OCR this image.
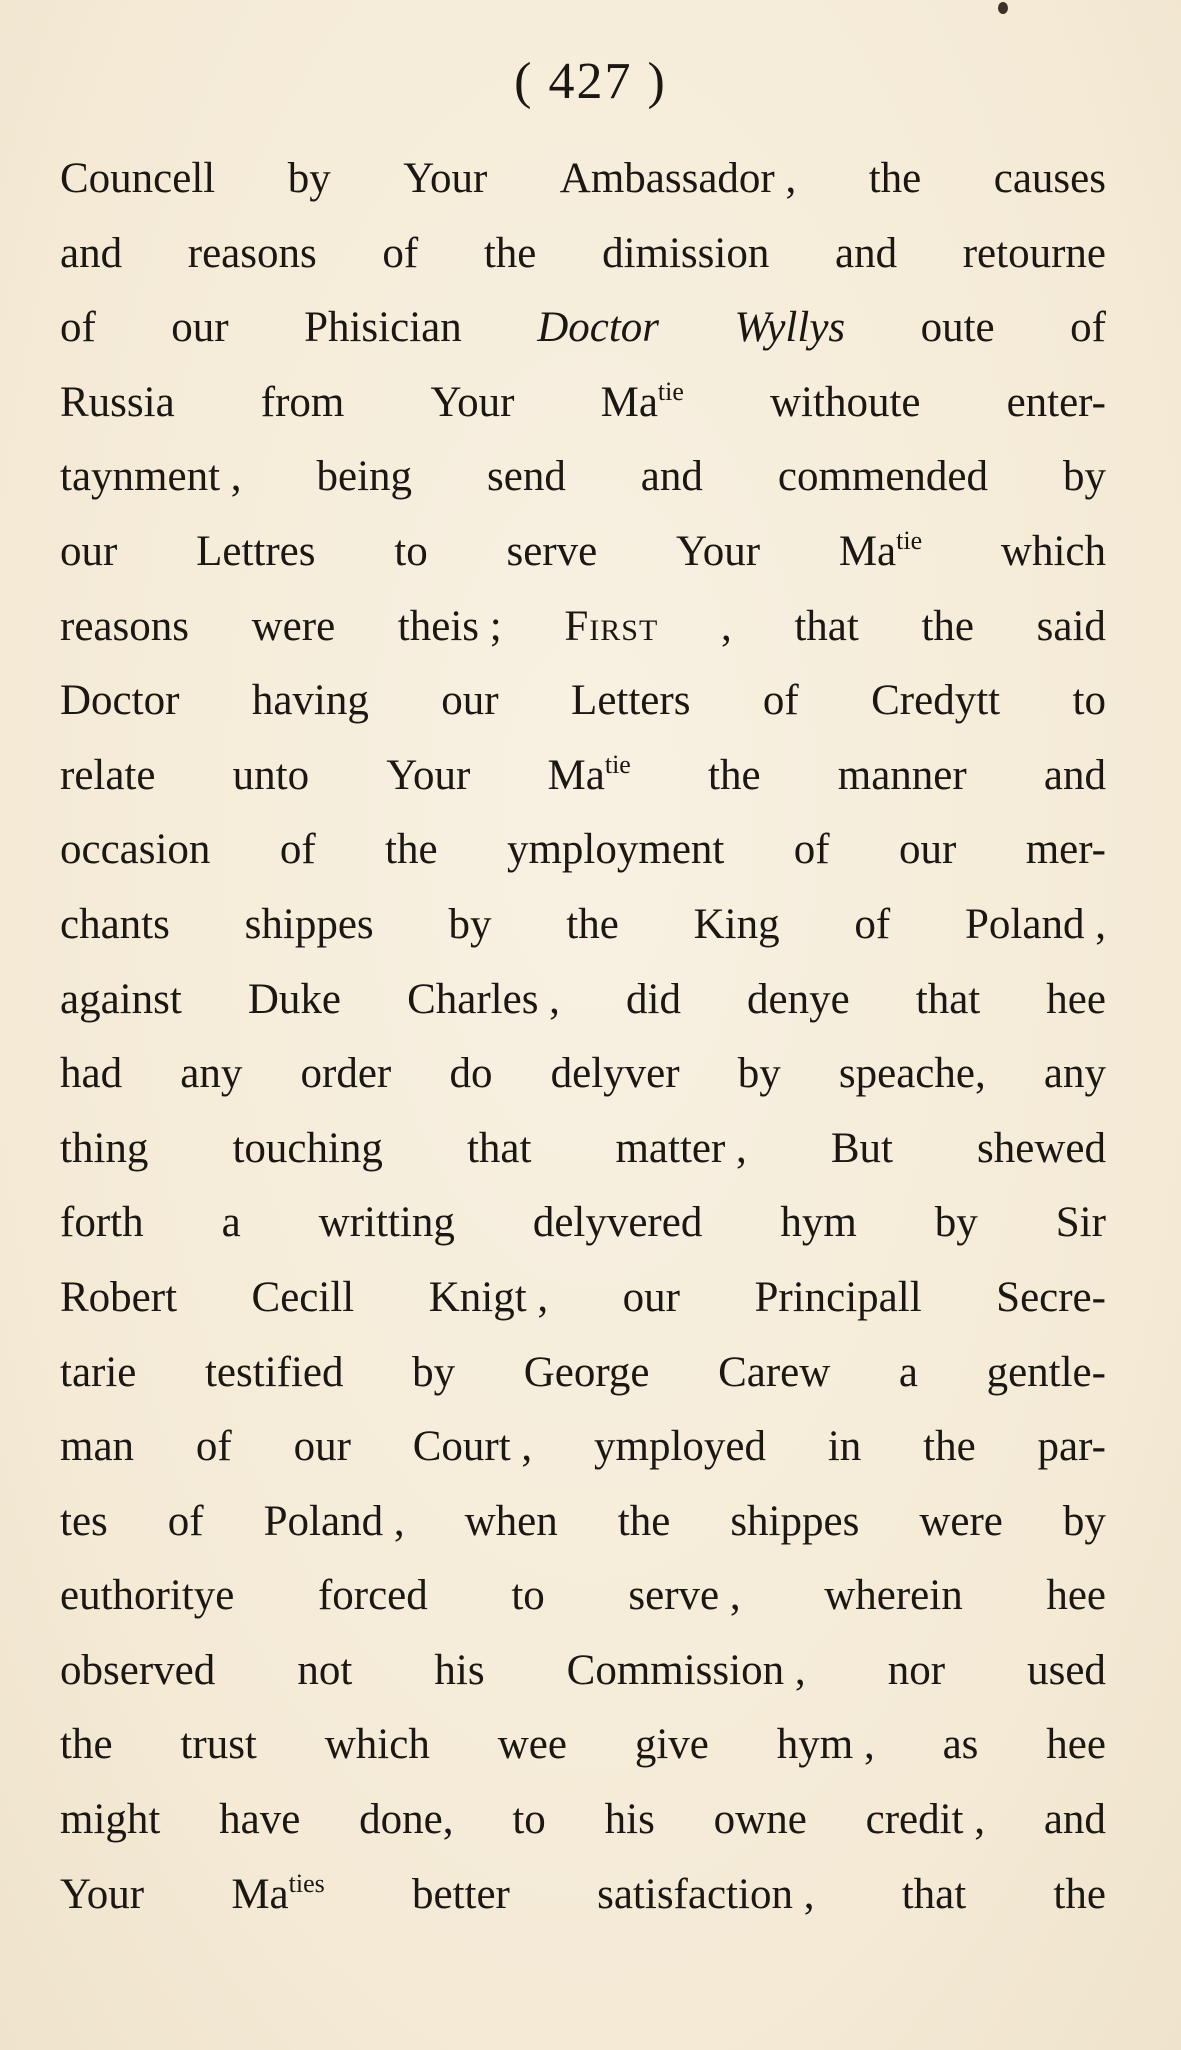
( 427 )
Councell by Your Ambassador , the causes
and reasons of the dimission and retourne
of our Phisician Doctor Wyllys oute of
Russia from Your $Ma^{tie}$ withoute enter-
taynment , being send and commended by
our Lettres to serve Your $Ma^{tie}$ which
reasons were theis ; First , that the said
Doctor having our Letters of Credytt to
relate unto Your $Ma^{tie}$ the manner and
occasion of the ymployment of our mer-
chants shippes by the King of Poland ,
against Duke Charles , did denye that hee
had any order do delyver by speache, any
thing touching that matter , But shewed
forth a writting delyvered hym by Sir
Robert Cecill Knigt , our Principall Secre-
tarie testified by George Carew a gentle-
man of our Court , ymployed in the par-
tes of Poland , when the shippes were by
euthoritye forced to serve , wherein hee
observed not his Commission , nor used
the trust which wee give hym , as hee
might have done, to his owne credit , and
Your $Ma^{ties}$ better satisfaction , that the
